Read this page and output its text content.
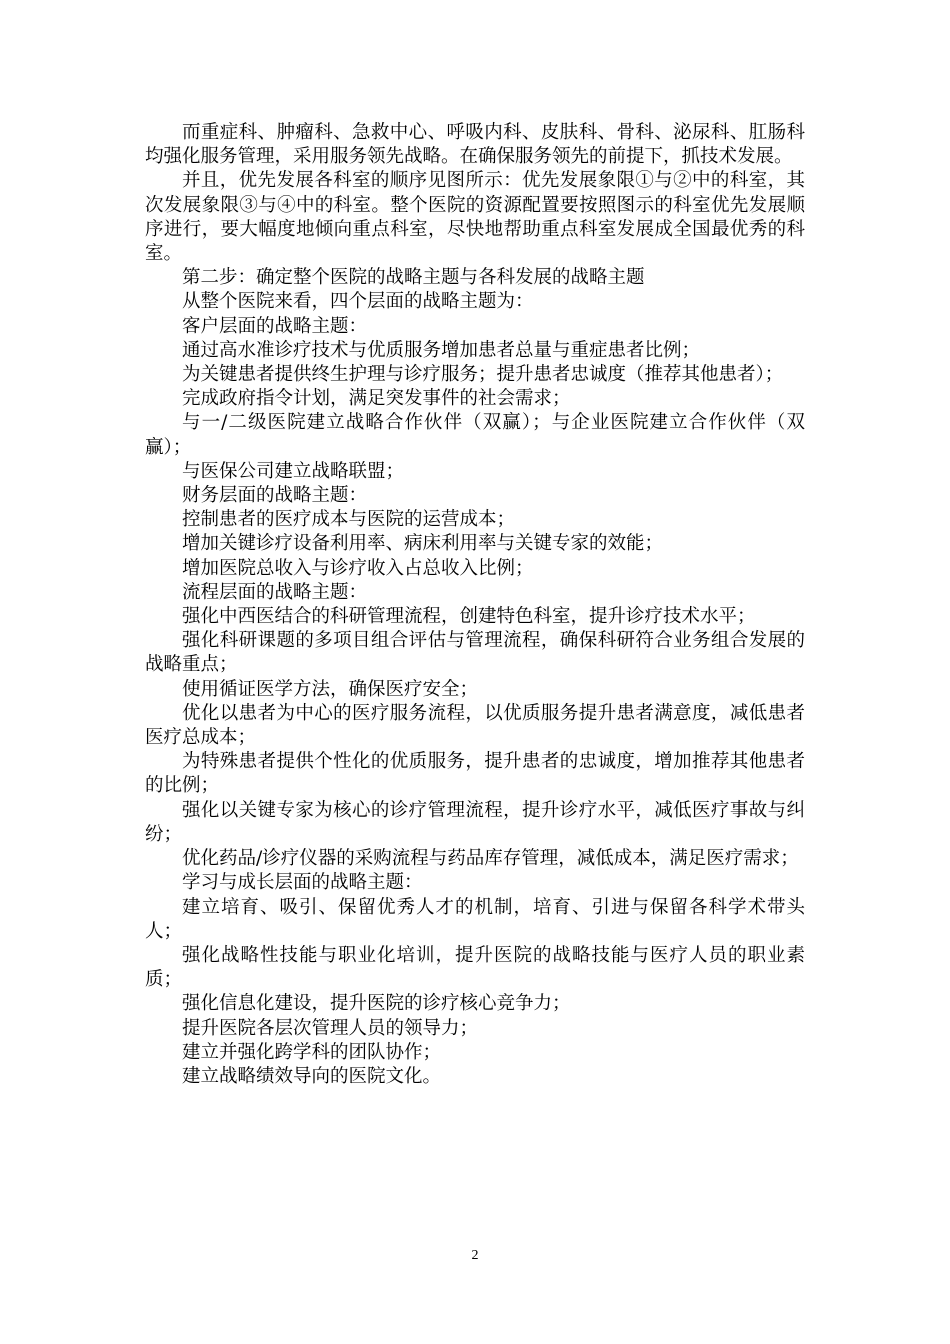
而重症科、肿瘤科、急救中心、呼吸内科、皮肤科、骨科、泌尿科、肛肠科均强化服务管理，采用服务领先战略。在确保服务领先的前提下，抓技术发展。

并且，优先发展各科室的顺序见图所示：优先发展象限①与②中的科室，其次发展象限③与④中的科室。整个医院的资源配置要按照图示的科室优先发展顺序进行，要大幅度地倾向重点科室，尽快地帮助重点科室发展成全国最优秀的科室。

第二步：确定整个医院的战略主题与各科发展的战略主题

从整个医院来看，四个层面的战略主题为：

客户层面的战略主题：

通过高水准诊疗技术与优质服务增加患者总量与重症患者比例；

为关键患者提供终生护理与诊疗服务；提升患者忠诚度（推荐其他患者）；

完成政府指令计划，满足突发事件的社会需求；

与一/二级医院建立战略合作伙伴（双赢）；与企业医院建立合作伙伴（双赢）；

与医保公司建立战略联盟；

财务层面的战略主题：

控制患者的医疗成本与医院的运营成本；

增加关键诊疗设备利用率、病床利用率与关键专家的效能；

增加医院总收入与诊疗收入占总收入比例；

流程层面的战略主题：

强化中西医结合的科研管理流程，创建特色科室，提升诊疗技术水平；

强化科研课题的多项目组合评估与管理流程，确保科研符合业务组合发展的战略重点；

使用循证医学方法，确保医疗安全；

优化以患者为中心的医疗服务流程，以优质服务提升患者满意度，减低患者医疗总成本；

为特殊患者提供个性化的优质服务，提升患者的忠诚度，增加推荐其他患者的比例；

强化以关键专家为核心的诊疗管理流程，提升诊疗水平，减低医疗事故与纠纷；

优化药品/诊疗仪器的采购流程与药品库存管理，减低成本，满足医疗需求；

学习与成长层面的战略主题：

建立培育、吸引、保留优秀人才的机制，培育、引进与保留各科学术带头人；

强化战略性技能与职业化培训，提升医院的战略技能与医疗人员的职业素质；

强化信息化建设，提升医院的诊疗核心竞争力；

提升医院各层次管理人员的领导力；

建立并强化跨学科的团队协作；

建立战略绩效导向的医院文化。

2
